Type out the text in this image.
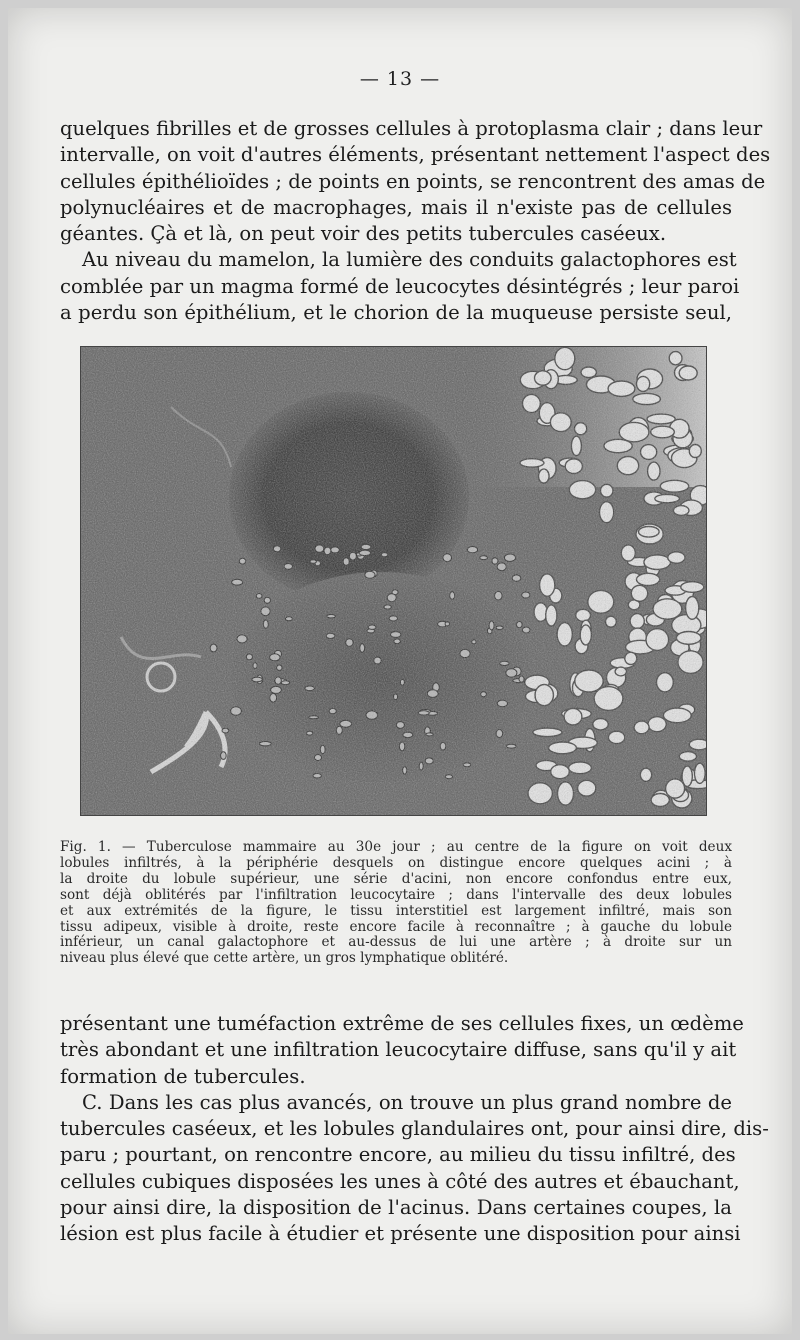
— 13 —

quelques fibrilles et de grosses cellules à protoplasma clair ; dans leur
intervalle, on voit d'autres éléments, présentant nettement l'aspect des
cellules épithélioïdes ; de points en points, se rencontrent des amas de
polynucléaires et de macrophages, mais il n'existe pas de cellules
géantes. Çà et là, on peut voir des petits tubercules caséeux.
Au niveau du mamelon, la lumière des conduits galactophores est
comblée par un magma formé de leucocytes désintégrés ; leur paroi
a perdu son épithélium, et le chorion de la muqueuse persiste seul,

Fig. 1. — Tuberculose mammaire au 30e jour ; au centre de la figure on voit deux
lobules infiltrés, à la périphérie desquels on distingue encore quelques acini ; à
la droite du lobule supérieur, une série d'acini, non encore confondus entre eux,
sont déjà oblitérés par l'infiltration leucocytaire ; dans l'intervalle des deux lobules
et aux extrémités de la figure, le tissu interstitiel est largement infiltré, mais son
tissu adipeux, visible à droite, reste encore facile à reconnaître ; à gauche du lobule
inférieur, un canal galactophore et au-dessus de lui une artère ; à droite sur un
niveau plus élevé que cette artère, un gros lymphatique oblitéré.

présentant une tuméfaction extrême de ses cellules fixes, un œdème
très abondant et une infiltration leucocytaire diffuse, sans qu'il y ait
formation de tubercules.
C. Dans les cas plus avancés, on trouve un plus grand nombre de
tubercules caséeux, et les lobules glandulaires ont, pour ainsi dire, dis-
paru ; pourtant, on rencontre encore, au milieu du tissu infiltré, des
cellules cubiques disposées les unes à côté des autres et ébauchant,
pour ainsi dire, la disposition de l'acinus. Dans certaines coupes, la
lésion est plus facile à étudier et présente une disposition pour ainsi
